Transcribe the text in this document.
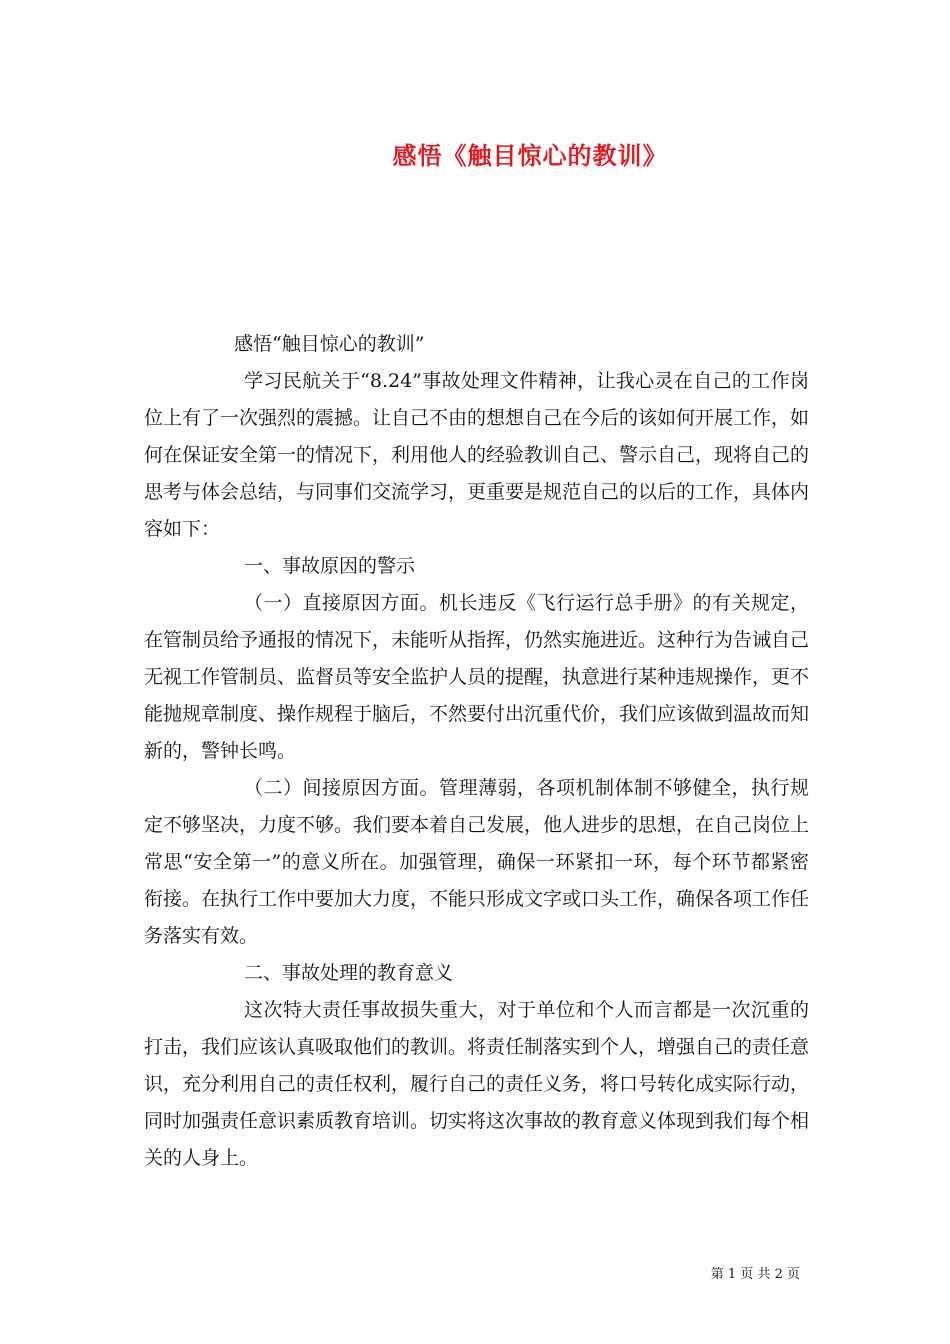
感悟《触目惊心的教训》
感悟“触目惊心的教训”

学习民航关于“8.24”事故处理文件精神，让我心灵在自己的工作岗位上有了一次强烈的震撼。让自己不由的想想自己在今后的该如何开展工作，如何在保证安全第一的情况下，利用他人的经验教训自己、警示自己，现将自己的思考与体会总结，与同事们交流学习，更重要是规范自己的以后的工作，具体内容如下：

一、事故原因的警示

（一）直接原因方面。机长违反《飞行运行总手册》的有关规定，在管制员给予通报的情况下，未能听从指挥，仍然实施进近。这种行为告诫自己无视工作管制员、监督员等安全监护人员的提醒，执意进行某种违规操作，更不能抛规章制度、操作规程于脑后，不然要付出沉重代价，我们应该做到温故而知新的，警钟长鸣。

（二）间接原因方面。管理薄弱，各项机制体制不够健全，执行规定不够坚决，力度不够。我们要本着自己发展，他人进步的思想，在自己岗位上常思“安全第一”的意义所在。加强管理，确保一环紧扣一环，每个环节都紧密衔接。在执行工作中要加大力度，不能只形成文字或口头工作，确保各项工作任务落实有效。

二、事故处理的教育意义

这次特大责任事故损失重大，对于单位和个人而言都是一次沉重的打击，我们应该认真吸取他们的教训。将责任制落实到个人，增强自己的责任意识，充分利用自己的责任权利，履行自己的责任义务，将口号转化成实际行动，同时加强责任意识素质教育培训。切实将这次事故的教育意义体现到我们每个相关的人身上。

第 1 页 共 2 页
